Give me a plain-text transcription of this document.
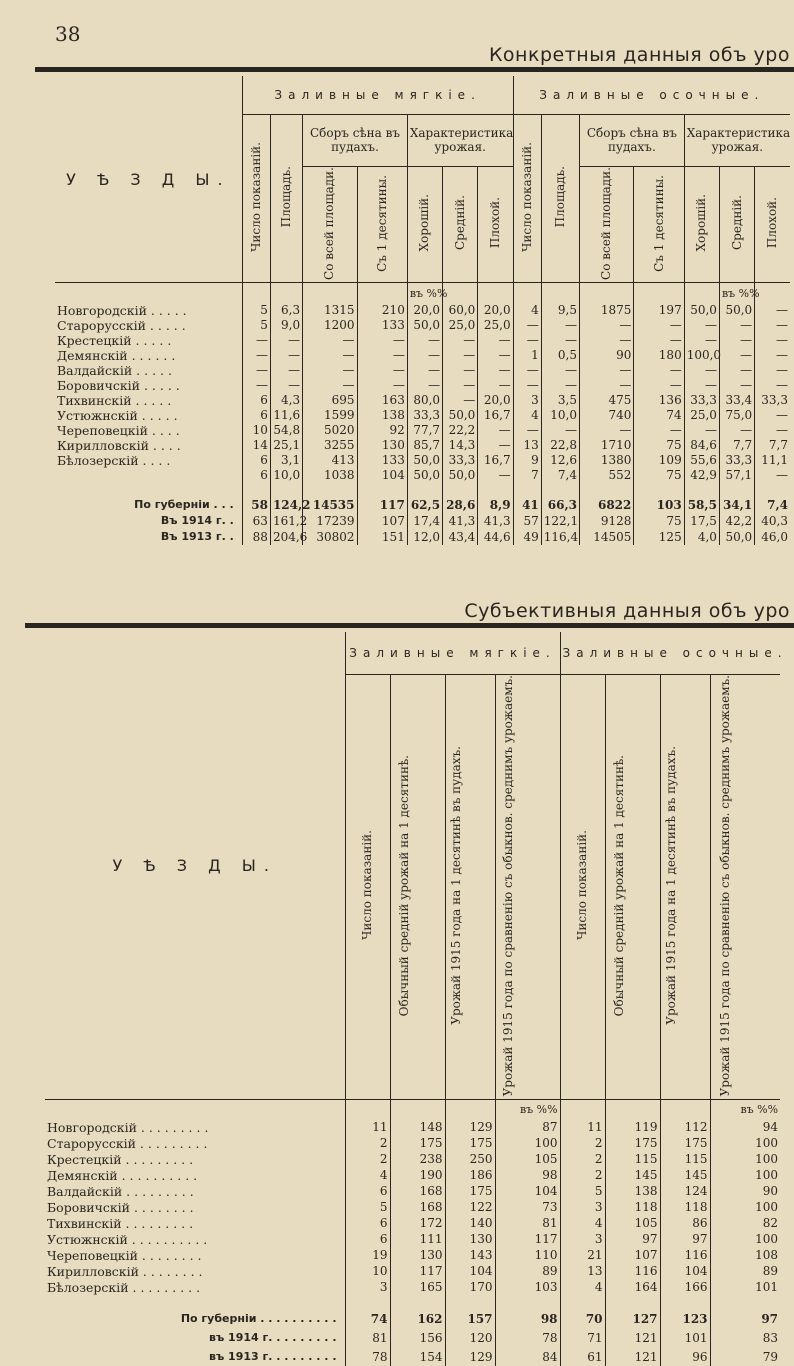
38
Конкретныя данныя объ уро
У Ѣ З Д Ы.	Заливные мягкіе.							Заливные осочные.						
	Число показаній.	Площадь.	Сборъ сѣна въ пудахъ.		Характеристика урожая.			Число показаній.	Площадь.	Сборъ сѣна въ пудахъ.		Характеристика урожая.		
			Со всей площади.	Съ 1 десятины.	Хорошій.	Средній.	Плохой.			Со всей площади.	Съ 1 десятины.	Хорошій.	Средній.	Плохой.
					въ %%								въ %%	
Новгородскій . . . . .	5	6,3	1315	210	20,0	60,0	20,0	4	9,5	1875	197	50,0	50,0	—
Старорусскій . . . . .	5	9,0	1200	133	50,0	25,0	25,0	—	—	—	—	—	—	—
Крестецкій . . . . .	—	—	—	—	—	—	—	—	—	—	—	—	—	—
Демянскій . . . . . .	—	—	—	—	—	—	—	1	0,5	90	180	100,0	—	—
Валдайскій . . . . .	—	—	—	—	—	—	—	—	—	—	—	—	—	—
Боровичскій . . . . .	—	—	—	—	—	—	—	—	—	—	—	—	—	—
Тихвинскій . . . . .	6	4,3	695	163	80,0	—	20,0	3	3,5	475	136	33,3	33,4	33,3
Устюжнскій . . . . .	6	11,6	1599	138	33,3	50,0	16,7	4	10,0	740	74	25,0	75,0	—
Череповецкій . . . .	10	54,8	5020	92	77,7	22,2	—	—	—	—	—	—	—	—
Кирилловскій . . . .	14	25,1	3255	130	85,7	14,3	—	13	22,8	1710	75	84,6	7,7	7,7
Бѣлозерскій . . . .	6	3,1	413	133	50,0	33,3	16,7	9	12,6	1380	109	55,6	33,3	11,1
	6	10,0	1038	104	50,0	50,0	—	7	7,4	552	75	42,9	57,1	—

По губерніи . . .	58	124,2	14535	117	62,5	28,6	8,9	41	66,3	6822	103	58,5	34,1	7,4
Въ 1914 г. .	63	161,2	17239	107	17,4	41,3	41,3	57	122,1	9128	75	17,5	42,2	40,3
Въ 1913 г. .	88	204,6	30802	151	12,0	43,4	44,6	49	116,4	14505	125	4,0	50,0	46,0
Субъективныя данныя объ уро
У Ѣ З Д Ы.	Заливные мягкіе.				Заливные осочные.			
	Число показаній.	Обычный средній урожай на 1 десятинѣ.	Урожай 1915 года на 1 десятинѣ въ пудахъ.	Урожай 1915 года по сравненію съ обыкнов. среднимъ урожаемъ.	Число показаній.	Обычный средній урожай на 1 десятинѣ.	Урожай 1915 года на 1 десятинѣ въ пудахъ.	Урожай 1915 года по сравненію съ обыкнов. среднимъ урожаемъ.
				въ %%				въ %%
Новгородскій . . . . . . . . .	11	148	129	87	11	119	112	94
Старорусскій . . . . . . . . .	2	175	175	100	2	175	175	100
Крестецкій . . . . . . . . .	2	238	250	105	2	115	115	100
Демянскій . . . . . . . . . .	4	190	186	98	2	145	145	100
Валдайскій . . . . . . . . .	6	168	175	104	5	138	124	90
Боровичскій . . . . . . . .	5	168	122	73	3	118	118	100
Тихвинскій . . . . . . . . .	6	172	140	81	4	105	86	82
Устюжнскій . . . . . . . . . .	6	111	130	117	3	97	97	100
Череповецкій . . . . . . . .	19	130	143	110	21	107	116	108
Кирилловскій . . . . . . . .	10	117	104	89	13	116	104	89
Бѣлозерскій . . . . . . . . .	3	165	170	103	4	164	166	101

По губерніи . . . . . . . . . .	74	162	157	98	70	127	123	97
въ 1914 г. . . . . . . . .	81	156	120	78	71	121	101	83
въ 1913 г. . . . . . . . .	78	154	129	84	61	121	96	79
